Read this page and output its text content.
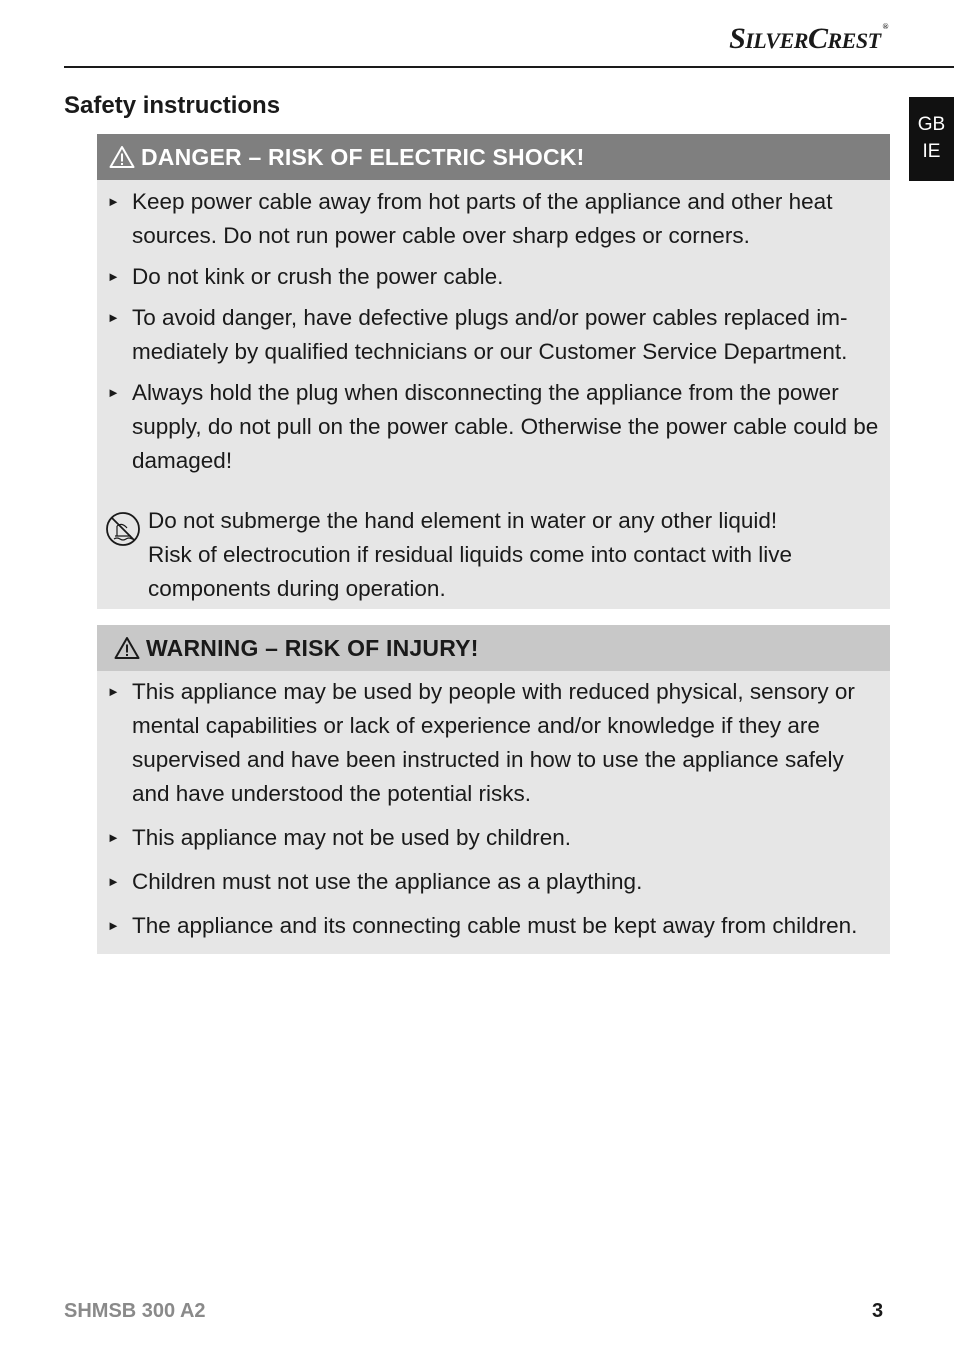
SILVERCREST®
GB
IE
Safety instructions
DANGER – RISK OF ELECTRIC SHOCK!
► Keep power cable away from hot parts of the appliance and other heat sources. Do not run power cable over sharp edges or corners.
► Do not kink or crush the power cable.
► To avoid danger, have defective plugs and/or power cables replaced immediately by qualified technicians or our Customer Service Department.
► Always hold the plug when disconnecting the appliance from the power supply, do not pull on the power cable. Otherwise the power cable could be damaged!
Do not submerge the hand element in water or any other liquid!
Risk of electrocution if residual liquids come into contact with live components during operation.
WARNING – RISK OF INJURY!
► This appliance may be used by people with reduced physical, sensory or mental capabilities or lack of experience and/or knowledge if they are supervised and have been instructed in how to use the appliance safely and have understood the potential risks.
► This appliance may not be used by children.
► Children must not use the appliance as a plaything.
► The appliance and its connecting cable must be kept away from children.
SHMSB 300 A2	3
